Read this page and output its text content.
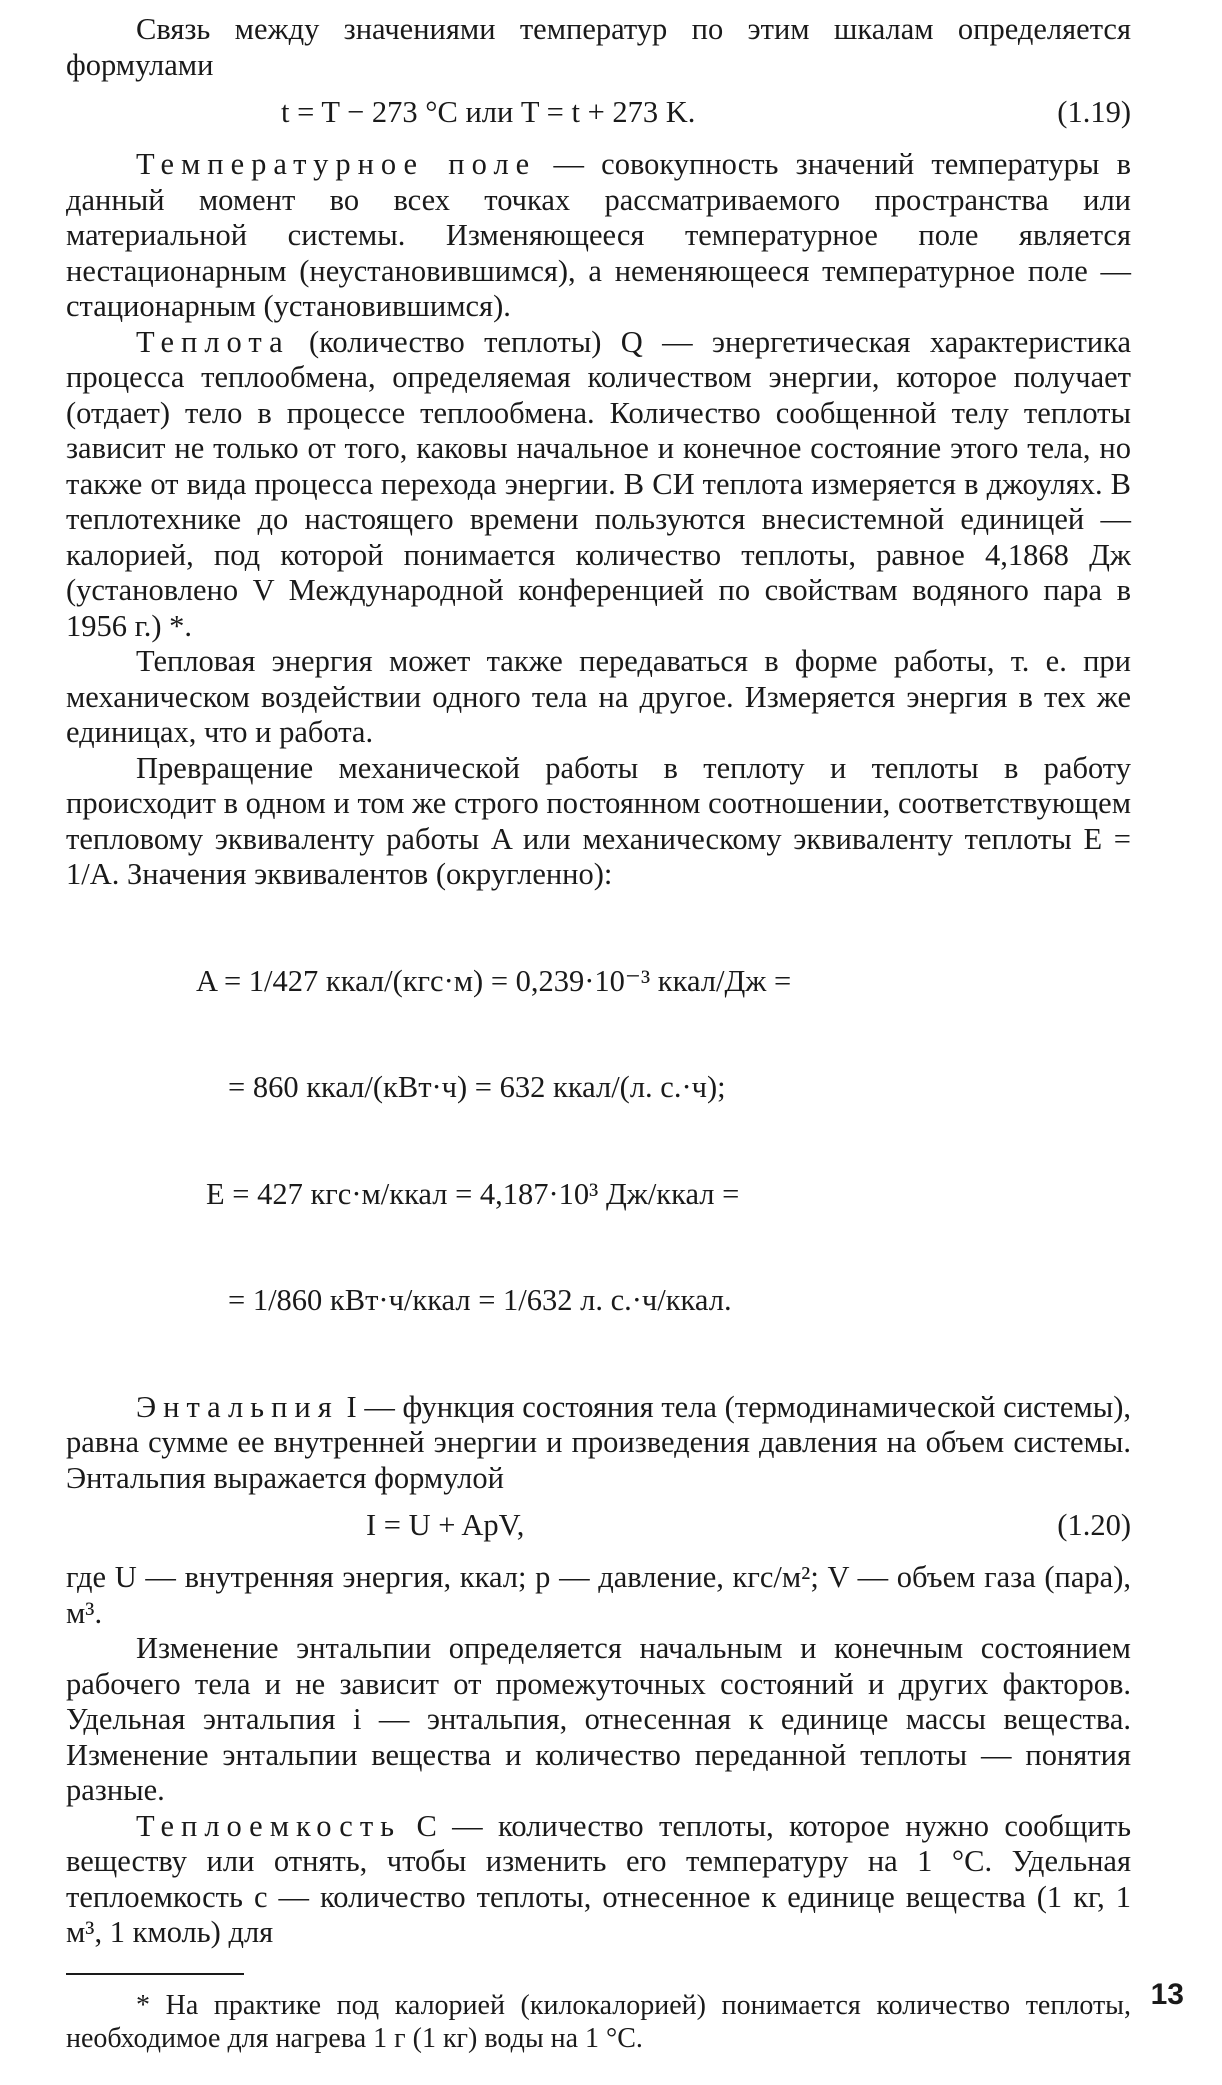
Связь между значениями температур по этим шкалам определяется формулами

t = T − 273 °C или T = t + 273 K.	(1.19)

Температурное поле — совокупность значений температуры в данный момент во всех точках рассматриваемого пространства или материальной системы. Изменяющееся температурное поле является нестационарным (неустановившимся), а неменяющееся температурное поле — стационарным (установившимся).

Теплота (количество теплоты) Q — энергетическая характеристика процесса теплообмена, определяемая количеством энергии, которое получает (отдает) тело в процессе теплообмена. Количество сообщенной телу теплоты зависит не только от того, каковы начальное и конечное состояние этого тела, но также от вида процесса перехода энергии. В СИ теплота измеряется в джоулях. В теплотехнике до настоящего времени пользуются внесистемной единицей — калорией, под которой понимается количество теплоты, равное 4,1868 Дж (установлено V Международной конференцией по свойствам водяного пара в 1956 г.) *.

Тепловая энергия может также передаваться в форме работы, т. е. при механическом воздействии одного тела на другое. Измеряется энергия в тех же единицах, что и работа.

Превращение механической работы в теплоту и теплоты в работу происходит в одном и том же строго постоянном соотношении, соответствующем тепловому эквиваленту работы A или механическому эквиваленту теплоты E = 1/A. Значения эквивалентов (округленно):

A = 1/427 ккал/(кгс·м) = 0,239·10⁻³ ккал/Дж =

= 860 ккал/(кВт·ч) = 632 ккал/(л. с.·ч);

E = 427 кгс·м/ккал = 4,187·10³ Дж/ккал =

= 1/860 кВт·ч/ккал = 1/632 л. с.·ч/ккал.

Энтальпия I — функция состояния тела (термодинамической системы), равна сумме ее внутренней энергии и произведения давления на объем системы. Энтальпия выражается формулой

I = U + ApV,	(1.20)

где U — внутренняя энергия, ккал; p — давление, кгс/м²; V — объем газа (пара), м³.

Изменение энтальпии определяется начальным и конечным состоянием рабочего тела и не зависит от промежуточных состояний и других факторов. Удельная энтальпия i — энтальпия, отнесенная к единице массы вещества. Изменение энтальпии вещества и количество переданной теплоты — понятия разные.

Теплоемкость C — количество теплоты, которое нужно сообщить веществу или отнять, чтобы изменить его температуру на 1 °C. Удельная теплоемкость c — количество теплоты, отнесенное к единице вещества (1 кг, 1 м³, 1 кмоль) для

* На практике под калорией (килокалорией) понимается количество теплоты, необходимое для нагрева 1 г (1 кг) воды на 1 °C.

13
